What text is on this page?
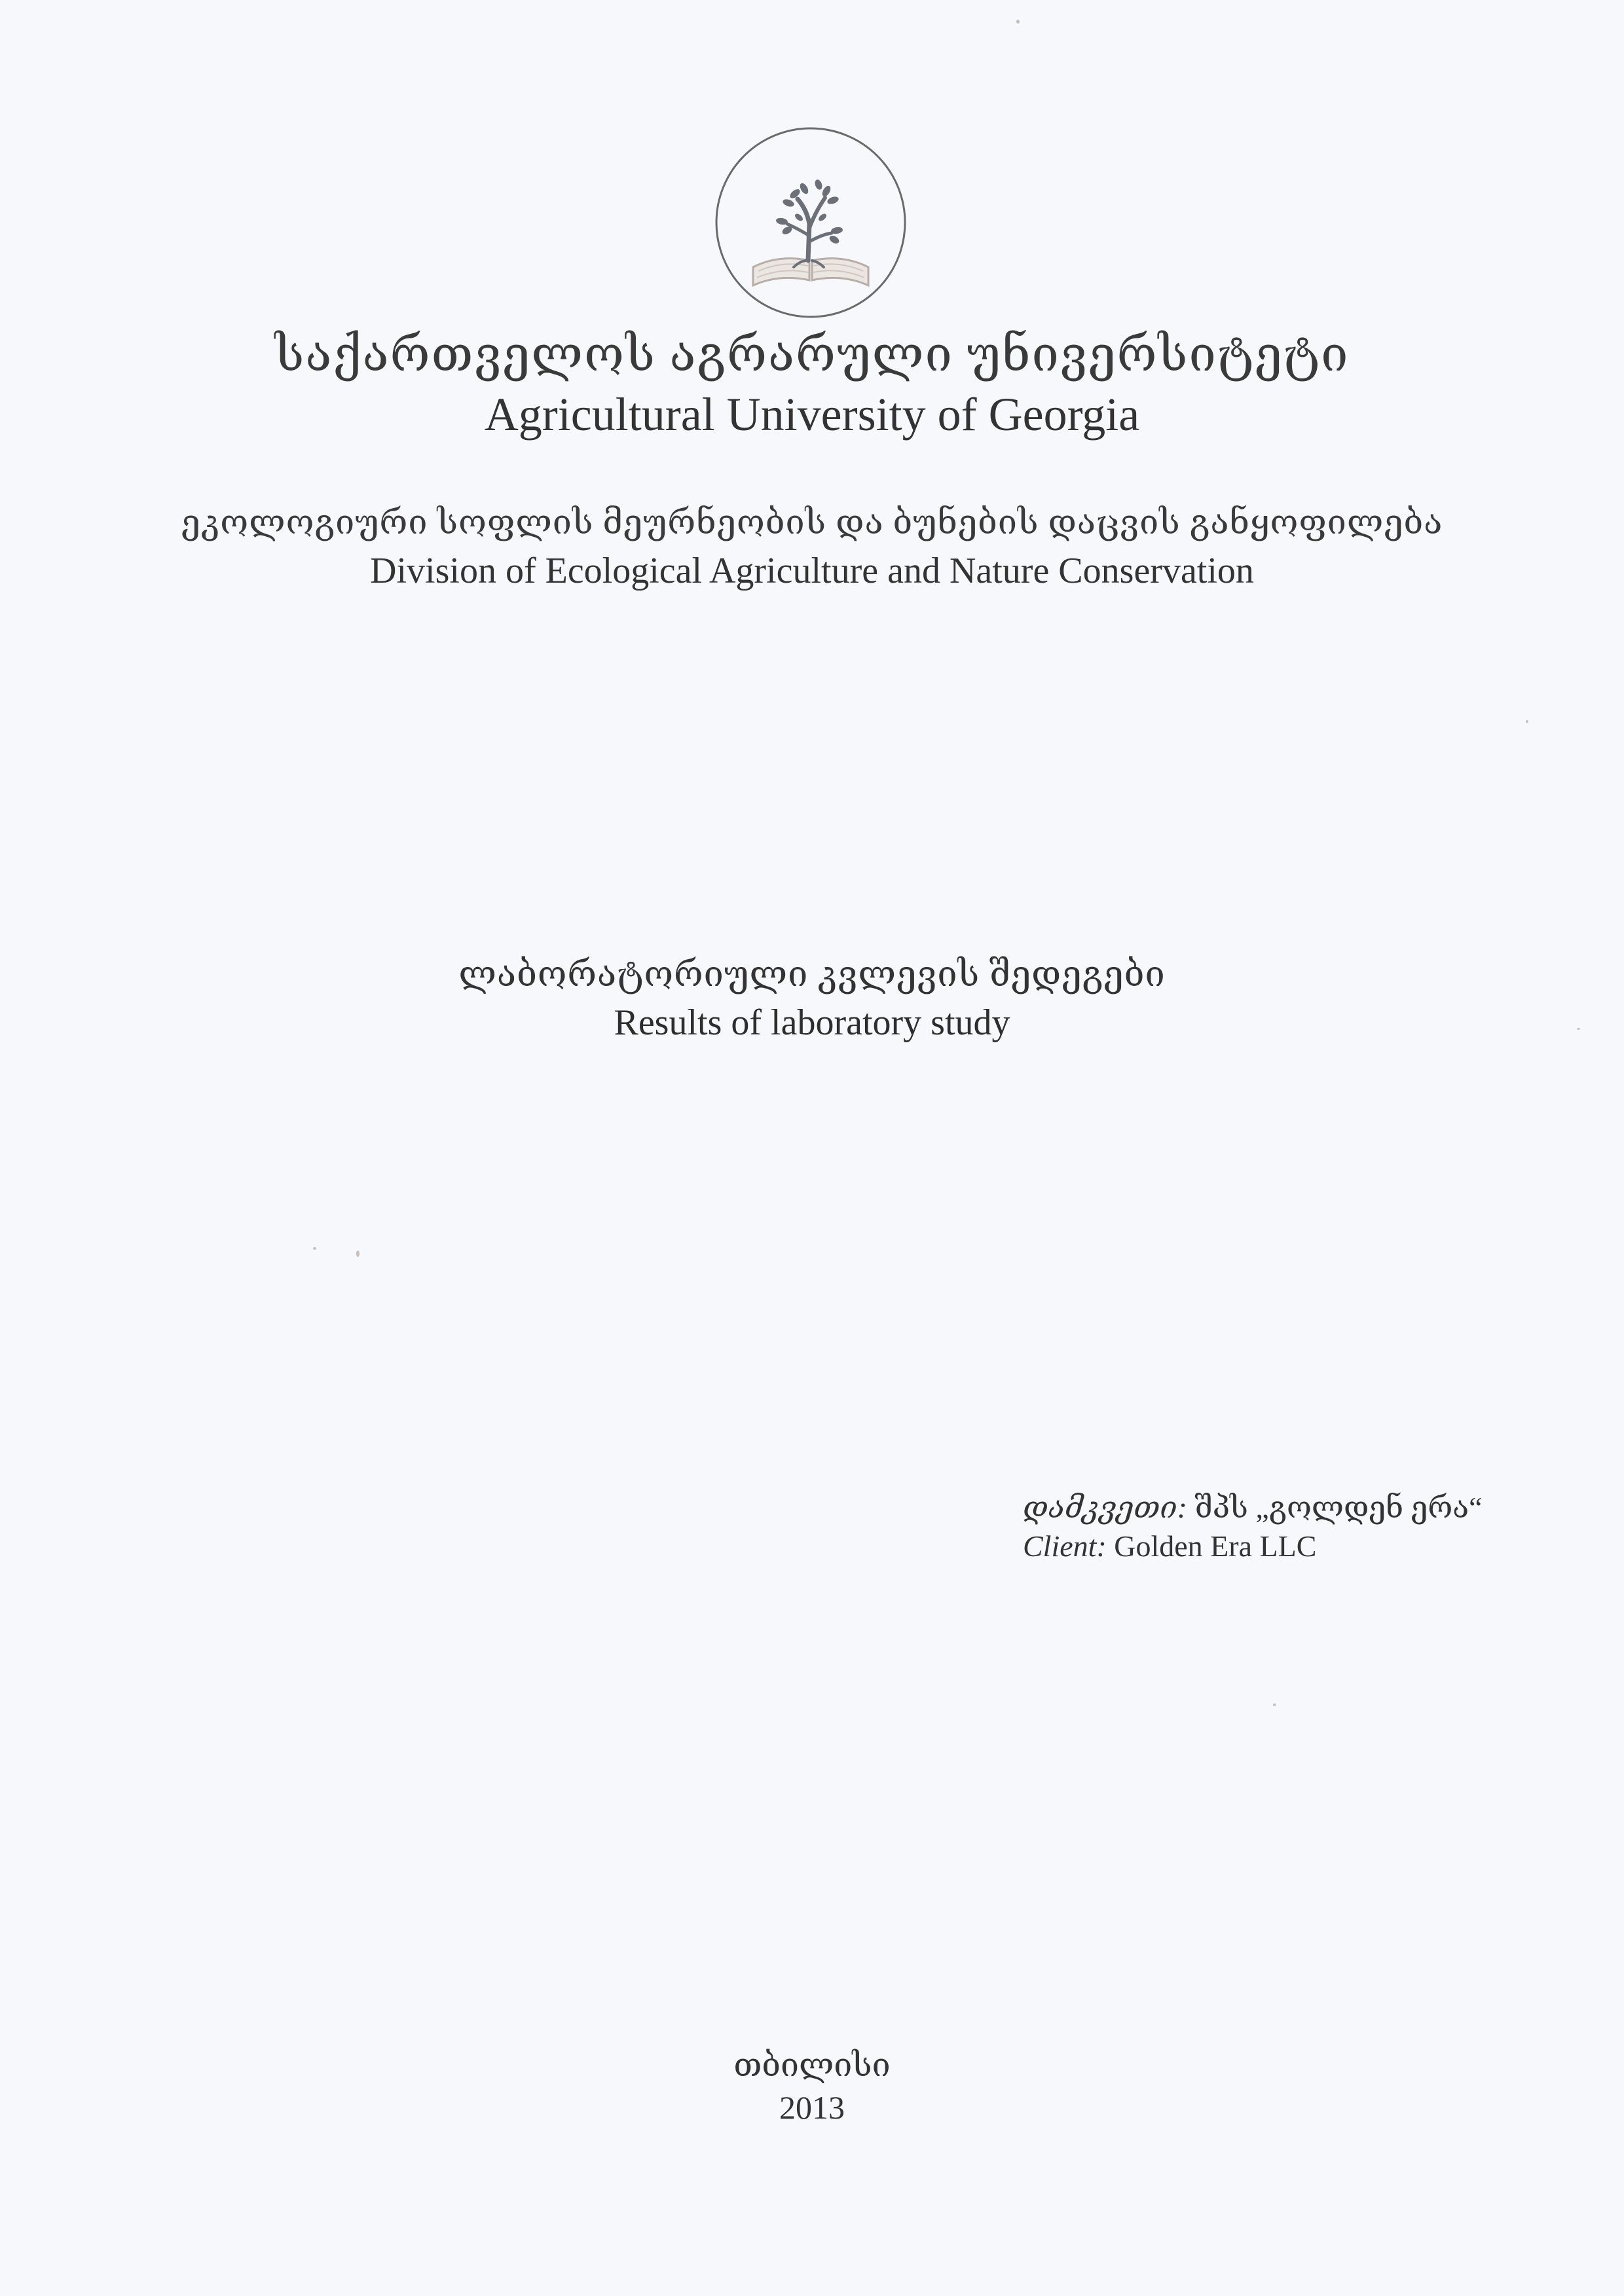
საქართველოს აგრარული უნივერსიტეტი
Agricultural University of Georgia
ეკოლოგიური სოფლის მეურნეობის და ბუნების დაცვის განყოფილება
Division of Ecological Agriculture and Nature Conservation
ლაბორატორიული კვლევის შედეგები
Results of laboratory study
დამკვეთი: შპს „გოლდენ ერა“
Client: Golden Era LLC
თბილისი
2013
